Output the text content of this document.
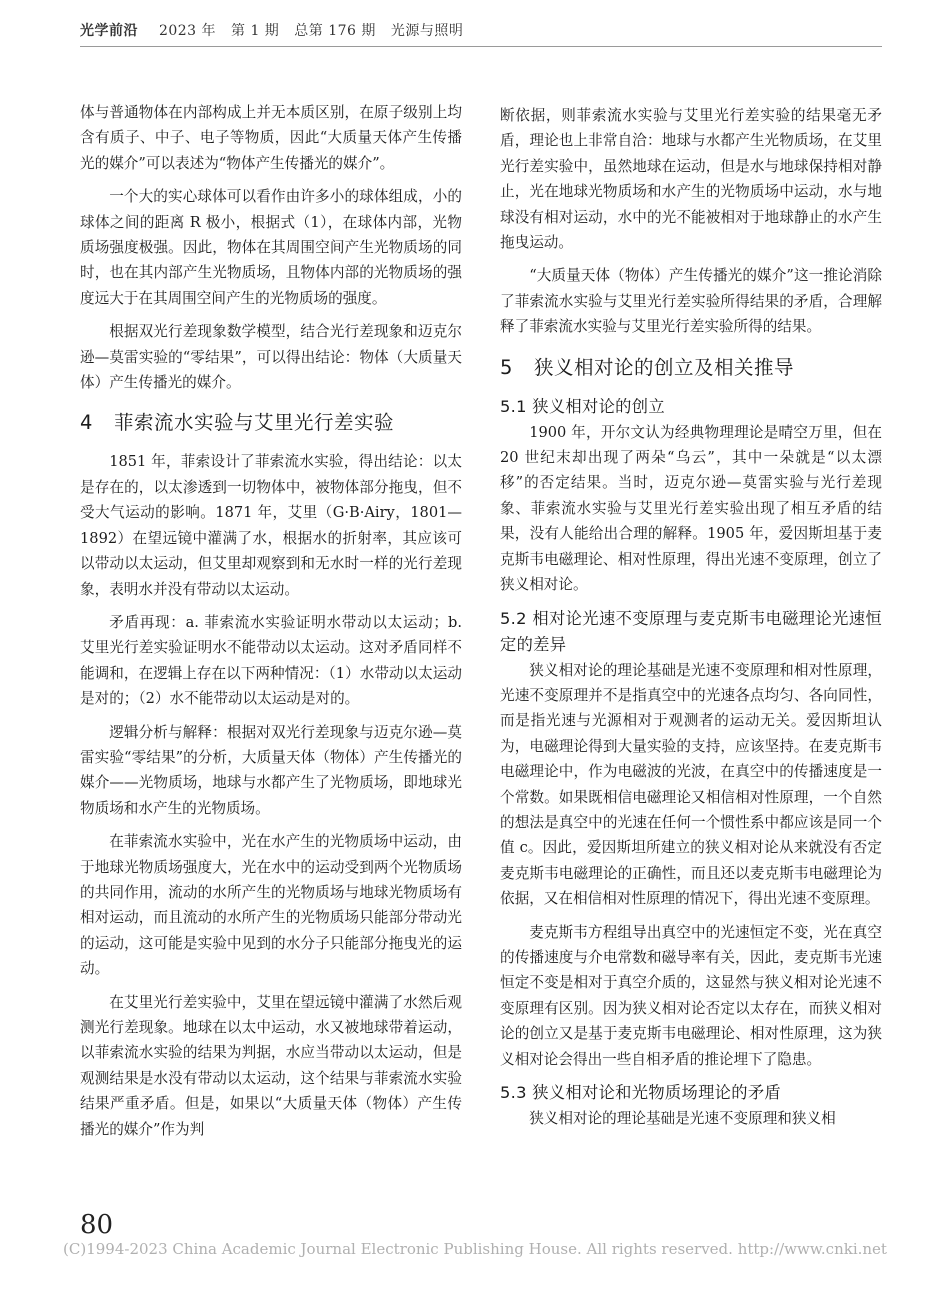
光学前沿 2023 年 第 1 期 总第 176 期 光源与照明

体与普通物体在内部构成上并无本质区别，在原子级别上均含有质子、中子、电子等物质，因此“大质量天体产生传播光的媒介”可以表述为“物体产生传播光的媒介”。

一个大的实心球体可以看作由许多小的球体组成，小的球体之间的距离 R 极小，根据式（1），在球体内部，光物质场强度极强。因此，物体在其周围空间产生光物质场的同时，也在其内部产生光物质场，且物体内部的光物质场的强度远大于在其周围空间产生的光物质场的强度。

根据双光行差现象数学模型，结合光行差现象和迈克尔逊—莫雷实验的“零结果”，可以得出结论：物体（大质量天体）产生传播光的媒介。

4 菲索流水实验与艾里光行差实验

1851 年，菲索设计了菲索流水实验，得出结论：以太是存在的，以太渗透到一切物体中，被物体部分拖曳，但不受大气运动的影响。1871 年，艾里（G·B·Airy，1801—1892）在望远镜中灌满了水，根据水的折射率，其应该可以带动以太运动，但艾里却观察到和无水时一样的光行差现象，表明水并没有带动以太运动。

矛盾再现：a. 菲索流水实验证明水带动以太运动；b. 艾里光行差实验证明水不能带动以太运动。这对矛盾同样不能调和，在逻辑上存在以下两种情况：（1）水带动以太运动是对的；（2）水不能带动以太运动是对的。

逻辑分析与解释：根据对双光行差现象与迈克尔逊—莫雷实验“零结果”的分析，大质量天体（物体）产生传播光的媒介——光物质场，地球与水都产生了光物质场，即地球光物质场和水产生的光物质场。

在菲索流水实验中，光在水产生的光物质场中运动，由于地球光物质场强度大，光在水中的运动受到两个光物质场的共同作用，流动的水所产生的光物质场与地球光物质场有相对运动，而且流动的水所产生的光物质场只能部分带动光的运动，这可能是实验中见到的水分子只能部分拖曳光的运动。

在艾里光行差实验中，艾里在望远镜中灌满了水然后观测光行差现象。地球在以太中运动，水又被地球带着运动，以菲索流水实验的结果为判据，水应当带动以太运动，但是观测结果是水没有带动以太运动，这个结果与菲索流水实验结果严重矛盾。但是，如果以“大质量天体（物体）产生传播光的媒介”作为判

断依据，则菲索流水实验与艾里光行差实验的结果毫无矛盾，理论也上非常自洽：地球与水都产生光物质场，在艾里光行差实验中，虽然地球在运动，但是水与地球保持相对静止，光在地球光物质场和水产生的光物质场中运动，水与地球没有相对运动，水中的光不能被相对于地球静止的水产生拖曳运动。

“大质量天体（物体）产生传播光的媒介”这一推论消除了菲索流水实验与艾里光行差实验所得结果的矛盾，合理解释了菲索流水实验与艾里光行差实验所得的结果。

5 狭义相对论的创立及相关推导
5.1 狭义相对论的创立

1900 年，开尔文认为经典物理理论是晴空万里，但在 20 世纪末却出现了两朵“乌云”，其中一朵就是“以太漂移”的否定结果。当时，迈克尔逊—莫雷实验与光行差现象、菲索流水实验与艾里光行差实验出现了相互矛盾的结果，没有人能给出合理的解释。1905 年，爱因斯坦基于麦克斯韦电磁理论、相对性原理，得出光速不变原理，创立了狭义相对论。

5.2 相对论光速不变原理与麦克斯韦电磁理论光速恒定的差异

狭义相对论的理论基础是光速不变原理和相对性原理，光速不变原理并不是指真空中的光速各点均匀、各向同性，而是指光速与光源相对于观测者的运动无关。爱因斯坦认为，电磁理论得到大量实验的支持，应该坚持。在麦克斯韦电磁理论中，作为电磁波的光波，在真空中的传播速度是一个常数。如果既相信电磁理论又相信相对性原理，一个自然的想法是真空中的光速在任何一个惯性系中都应该是同一个值 c。因此，爱因斯坦所建立的狭义相对论从来就没有否定麦克斯韦电磁理论的正确性，而且还以麦克斯韦电磁理论为依据，又在相信相对性原理的情况下，得出光速不变原理。

麦克斯韦方程组导出真空中的光速恒定不变，光在真空的传播速度与介电常数和磁导率有关，因此，麦克斯韦光速恒定不变是相对于真空介质的，这显然与狭义相对论光速不变原理有区别。因为狭义相对论否定以太存在，而狭义相对论的创立又是基于麦克斯韦电磁理论、相对性原理，这为狭义相对论会得出一些自相矛盾的推论埋下了隐患。

5.3 狭义相对论和光物质场理论的矛盾

狭义相对论的理论基础是光速不变原理和狭义相

80
(C)1994-2023 China Academic Journal Electronic Publishing House. All rights reserved. http://www.cnki.net
